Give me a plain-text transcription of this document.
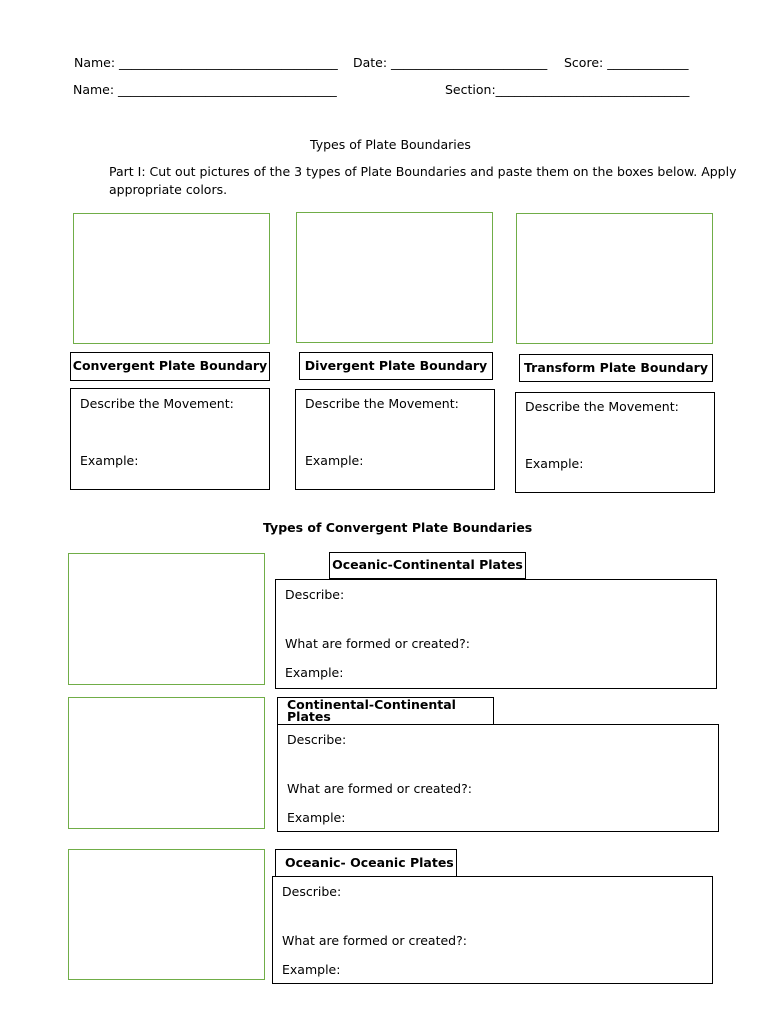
Name: ___________________________________ Date: _________________________ Score: _____________
Name: ___________________________________	Section:_______________________________
Types of Plate Boundaries
Part I: Cut out pictures of the 3 types of Plate Boundaries and paste them on the boxes below. Apply
appropriate colors.
Convergent Plate Boundary	Divergent Plate Boundary	Transform Plate Boundary
Describe the Movement:
Example:
Describe the Movement:
Example:
Describe the Movement:
Example:
Types of Convergent Plate Boundaries
Oceanic-Continental Plates
Describe:
What are formed or created?:
Example:
Continental-Continental Plates
Describe:
What are formed or created?:
Example:
Oceanic- Oceanic Plates
Describe:
What are formed or created?:
Example:
